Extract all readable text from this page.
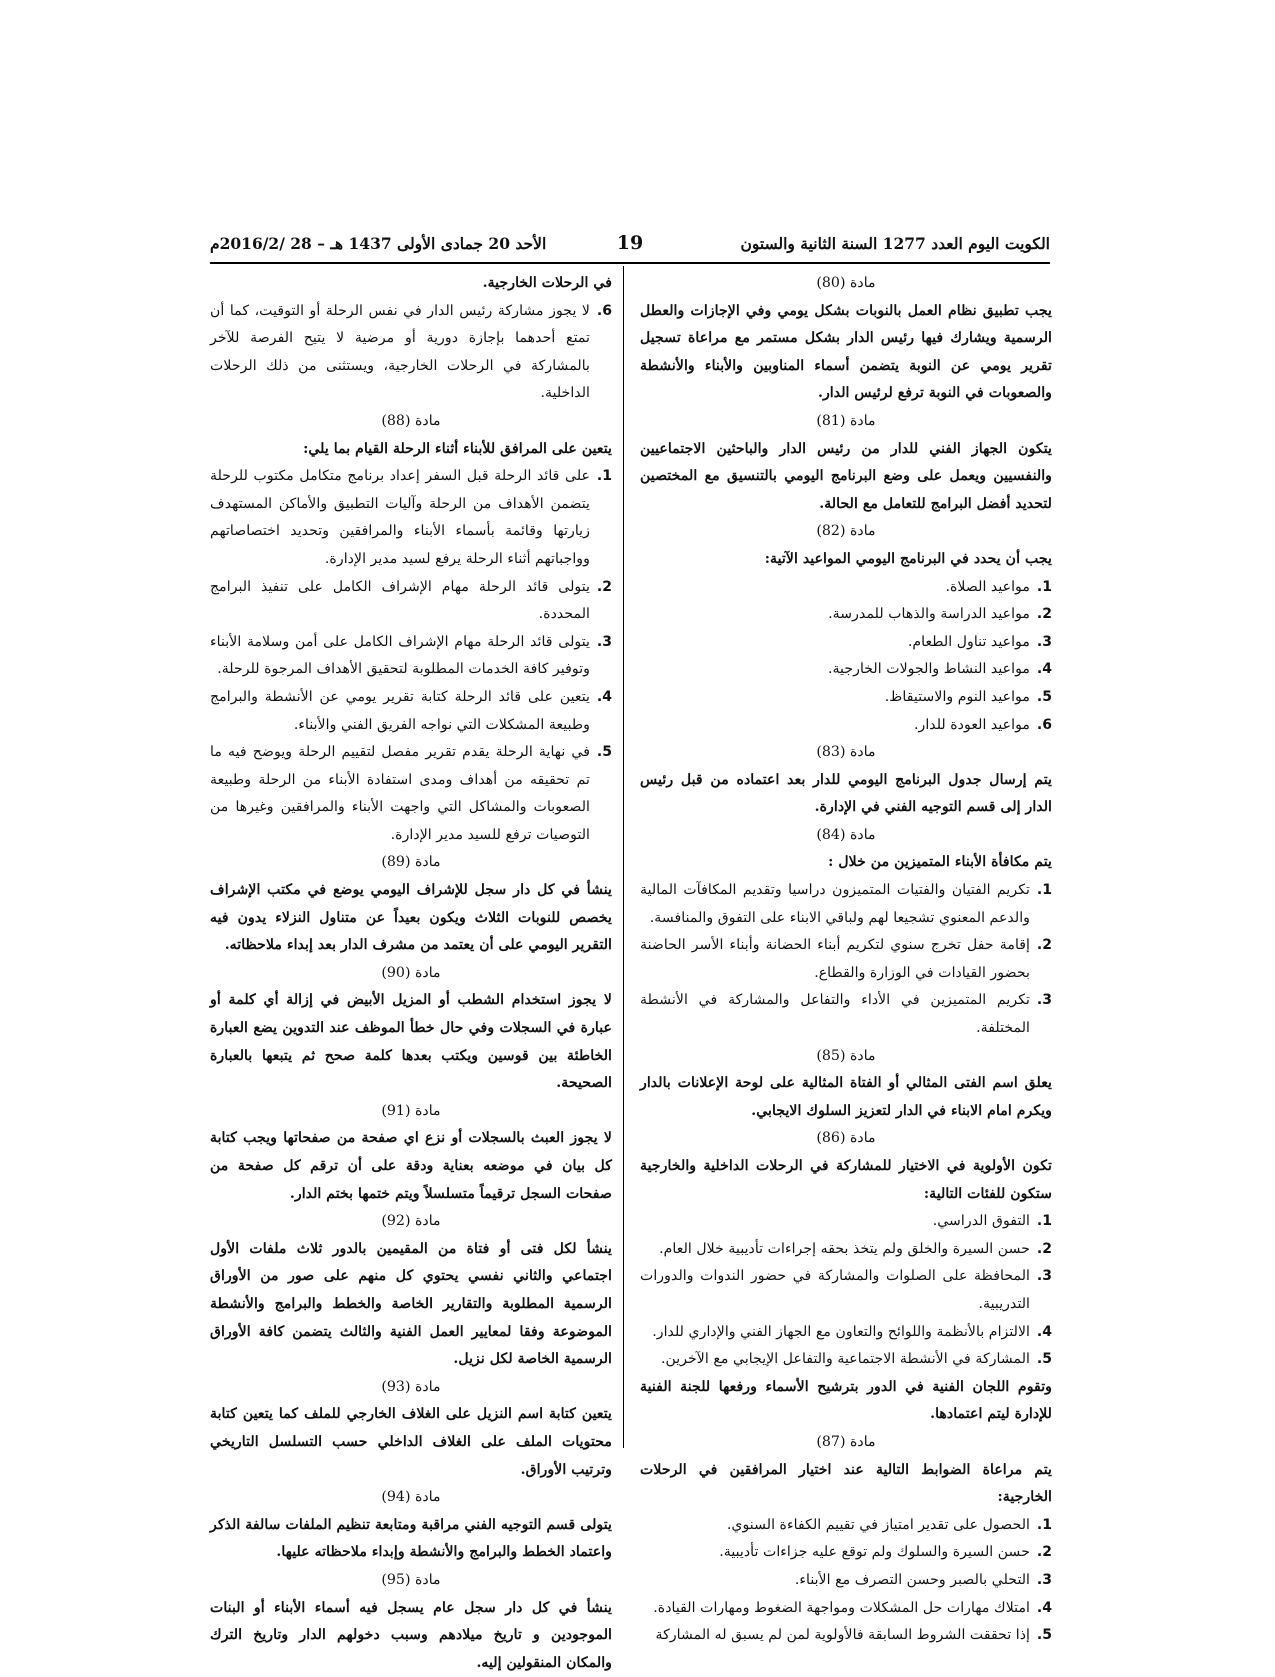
الكويت اليوم العدد 1277 السنة الثانية والستون
19
الأحد 20 جمادى الأولى 1437 هـ – 28 /2016/2م

مادة (80)

يجب تطبيق نظام العمل بالنوبات بشكل يومي وفي الإجازات والعطل الرسمية ويشارك فيها رئيس الدار بشكل مستمر مع مراعاة تسجيل تقرير يومي عن النوبة يتضمن أسماء المناوبين والأبناء والأنشطة والصعوبات في النوبة ترفع لرئيس الدار.

مادة (81)

يتكون الجهاز الفني للدار من رئيس الدار والباحثين الاجتماعيين والنفسيين ويعمل على وضع البرنامج اليومي بالتنسيق مع المختصين لتحديد أفضل البرامج للتعامل مع الحالة.

مادة (82)

يجب أن يحدد في البرنامج اليومي المواعيد الآتية:

1.
مواعيد الصلاة.

2.
مواعيد الدراسة والذهاب للمدرسة.

3.
مواعيد تناول الطعام.

4.
مواعيد النشاط والجولات الخارجية.

5.
مواعيد النوم والاستيقاظ.

6.
مواعيد العودة للدار.

مادة (83)

يتم إرسال جدول البرنامج اليومي للدار بعد اعتماده من قبل رئيس الدار إلى قسم التوجيه الفني في الإدارة.

مادة (84)

يتم مكافأة الأبناء المتميزين من خلال :

1.
تكريم الفتيان والفتيات المتميزون دراسيا وتقديم المكافآت المالية والدعم المعنوي تشجيعا لهم ولباقي الابناء على التفوق والمنافسة.

2.
إقامة حفل تخرج سنوي لتكريم أبناء الحضانة وأبناء الأسر الحاضنة بحضور القيادات في الوزارة والقطاع.

3.
تكريم المتميزين في الأداء والتفاعل والمشاركة في الأنشطة المختلفة.

مادة (85)

يعلق اسم الفتى المثالي أو الفتاة المثالية على لوحة الإعلانات بالدار ويكرم امام الابناء في الدار لتعزيز السلوك الايجابي.

مادة (86)

تكون الأولوية في الاختيار للمشاركة في الرحلات الداخلية والخارجية ستكون للفئات التالية:

1.
التفوق الدراسي.

2.
حسن السيرة والخلق ولم يتخذ بحقه إجراءات تأديبية خلال العام.

3.
المحافظة على الصلوات والمشاركة في حضور الندوات والدورات التدريبية.

4.
الالتزام بالأنظمة واللوائح والتعاون مع الجهاز الفني والإداري للدار.

5.
المشاركة في الأنشطة الاجتماعية والتفاعل الإيجابي مع الآخرين.

وتقوم اللجان الفنية في الدور بترشيح الأسماء ورفعها للجنة الفنية للإدارة ليتم اعتمادها.

مادة (87)

يتم مراعاة الضوابط التالية عند اختيار المرافقين في الرحلات الخارجية:

1.
الحصول على تقدير امتياز في تقييم الكفاءة السنوي.

2.
حسن السيرة والسلوك ولم توقع عليه جزاءات تأديبية.

3.
التحلي بالصبر وحسن التصرف مع الأبناء.

4.
امتلاك مهارات حل المشكلات ومواجهة الضغوط ومهارات القيادة.

5.
إذا تحققت الشروط السابقة فالأولوية لمن لم يسبق له المشاركة

في الرحلات الخارجية.

6.
لا يجوز مشاركة رئيس الدار في نفس الرحلة أو التوقيت، كما أن تمتع أحدهما بإجازة دورية أو مرضية لا يتيح الفرصة للآخر بالمشاركة في الرحلات الخارجية، ويستثنى من ذلك الرحلات الداخلية.

مادة (88)

يتعين على المرافق للأبناء أثناء الرحلة القيام بما يلي:

1.
على قائد الرحلة قبل السفر إعداد برنامج متكامل مكتوب للرحلة يتضمن الأهداف من الرحلة وآليات التطبيق والأماكن المستهدف زيارتها وقائمة بأسماء الأبناء والمرافقين وتحديد اختصاصاتهم وواجباتهم أثناء الرحلة يرفع لسيد مدير الإدارة.

2.
يتولى قائد الرحلة مهام الإشراف الكامل على تنفيذ البرامج المحددة.

3.
يتولى قائد الرحلة مهام الإشراف الكامل على أمن وسلامة الأبناء وتوفير كافة الخدمات المطلوبة لتحقيق الأهداف المرجوة للرحلة.

4.
يتعين على قائد الرحلة كتابة تقرير يومي عن الأنشطة والبرامج وطبيعة المشكلات التي نواجه الفريق الفني والأبناء.

5.
في نهاية الرحلة يقدم تقرير مفصل لتقييم الرحلة ويوضح فيه ما تم تحقيقه من أهداف ومدى استفادة الأبناء من الرحلة وطبيعة الصعوبات والمشاكل التي واجهت الأبناء والمرافقين وغيرها من التوصيات ترفع للسيد مدير الإدارة.

مادة (89)

ينشأ في كل دار سجل للإشراف اليومي يوضع في مكتب الإشراف يخصص للنوبات الثلاث ويكون بعيداً عن متناول النزلاء يدون فيه التقرير اليومي على أن يعتمد من مشرف الدار بعد إبداء ملاحظاته.

مادة (90)

لا يجوز استخدام الشطب أو المزيل الأبيض في إزالة أي كلمة أو عبارة في السجلات وفي حال خطأ الموظف عند التدوين يضع العبارة الخاطئة بين قوسين ويكتب بعدها كلمة صحح ثم يتبعها بالعبارة الصحيحة.

مادة (91)

لا يجوز العبث بالسجلات أو نزع اي صفحة من صفحاتها ويجب كتابة كل بيان في موضعه بعناية ودقة على أن ترقم كل صفحة من صفحات السجل ترقيماً متسلسلاً ويتم ختمها بختم الدار.

مادة (92)

ينشأ لكل فتى أو فتاة من المقيمين بالدور ثلاث ملفات الأول اجتماعي والثاني نفسي يحتوي كل منهم على صور من الأوراق الرسمية المطلوبة والتقارير الخاصة والخطط والبرامج والأنشطة الموضوعة وفقا لمعايير العمل الفنية والثالث يتضمن كافة الأوراق الرسمية الخاصة لكل نزيل.

مادة (93)

يتعين كتابة اسم النزيل على الغلاف الخارجي للملف كما يتعين كتابة محتويات الملف على الغلاف الداخلي حسب التسلسل التاريخي وترتيب الأوراق.

مادة (94)

يتولى قسم التوجيه الفني مراقبة ومتابعة تنظيم الملفات سالفة الذكر واعتماد الخطط والبرامج والأنشطة وإبداء ملاحظاته عليها.

مادة (95)

ينشأ في كل دار سجل عام يسجل فيه أسماء الأبناء أو البنات الموجودين و تاريخ ميلادهم وسبب دخولهم الدار وتاريخ الترك والمكان المنقولين إليه.
